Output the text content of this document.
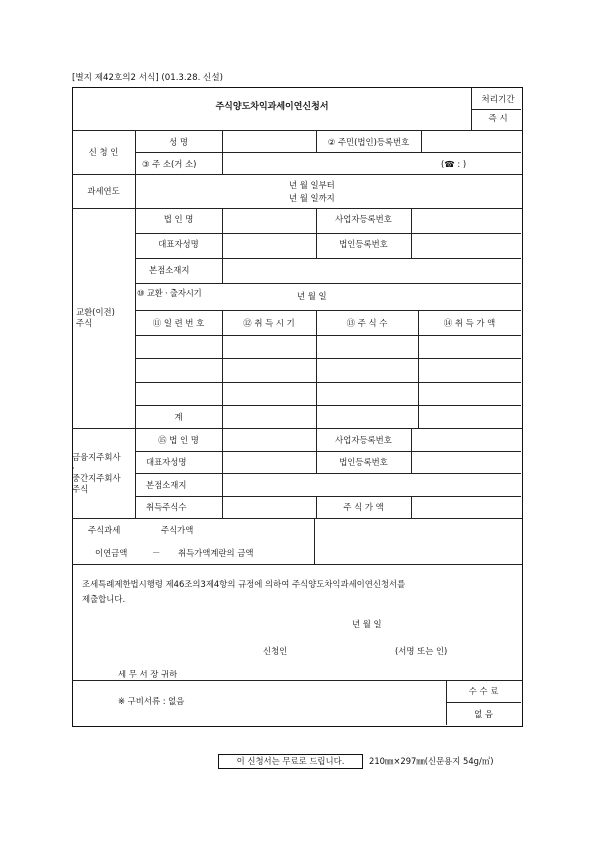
[별지 제42호의2 서식] (01.3.28. 신설)
주식양도차익과세이연신청서
처리기간
즉 시
신 청 인
성 명	② 주민(법인)등록번호
③ 주 소(거 소)	(☎ : )
과세연도
년 월 일부터
년 월 일까지
교환(이전)
주식
법 인 명	사업자등록번호
대표자성명	법인등록번호
본점소재지
⑩ 교환 · 출자시기	년 월 일
⑪ 일 련 번 호	⑫ 취 득 시 기	⑬ 주 식 수	⑭ 취 득 가 액
계
금융지주회사
·
중간지주회사
주식
⑮ 법 인 명	사업자등록번호
대표자성명	법인등록번호
본점소재지
취득주식수	주 식 가 액
주식과세	주식가액
이연금액	－ 취득가액계란의 금액
조세특례제한법시행령 제46조의3제4항의 규정에 의하여 주식양도차익과세이연신청서를
제출합니다.
년 월 일
신청인	(서명 또는 인)
세 무 서 장 귀하
※ 구비서류 : 없음
수 수 료
없 음
이 신청서는 무료로 드립니다.	210㎜×297㎜(신문용지 54g/㎡)
